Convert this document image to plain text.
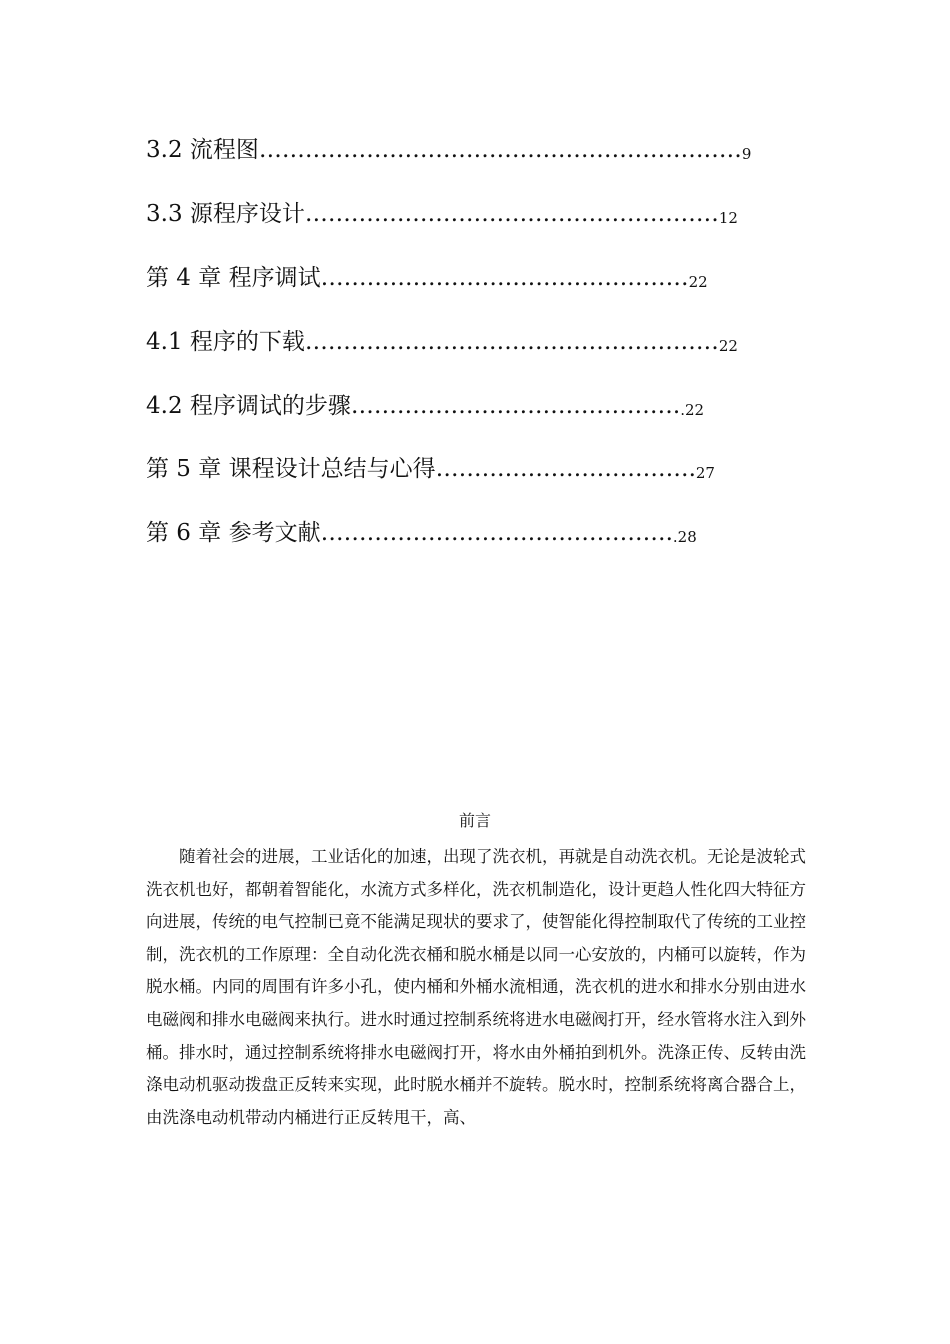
3.2 流程图………………………………………………………9
3.3 源程序设计………………………………………………12
第 4 章 程序调试…………………………………………22
4.1 程序的下载………………………………………………22
4.2 程序调试的步骤……………………………………..22
第 5 章 课程设计总结与心得…………………………….27
第 6 章 参考文献………………………………………..28
前言

随着社会的进展，工业话化的加速，出现了洗衣机，再就是自动洗衣机。无论是波轮式洗衣机也好，都朝着智能化，水流方式多样化，洗衣机制造化，设计更趋人性化四大特征方向进展，传统的电气控制已竟不能满足现状的要求了，使智能化得控制取代了传统的工业控制，洗衣机的工作原理：全自动化洗衣桶和脱水桶是以同一心安放的，内桶可以旋转，作为脱水桶。内同的周围有许多小孔，使内桶和外桶水流相通，洗衣机的进水和排水分别由进水电磁阀和排水电磁阀来执行。进水时通过控制系统将进水电磁阀打开，经水管将水注入到外桶。排水时，通过控制系统将排水电磁阀打开，将水由外桶拍到机外。洗涤正传、反转由洗涤电动机驱动拨盘正反转来实现，此时脱水桶并不旋转。脱水时，控制系统将离合器合上，由洗涤电动机带动内桶进行正反转甩干，高、
